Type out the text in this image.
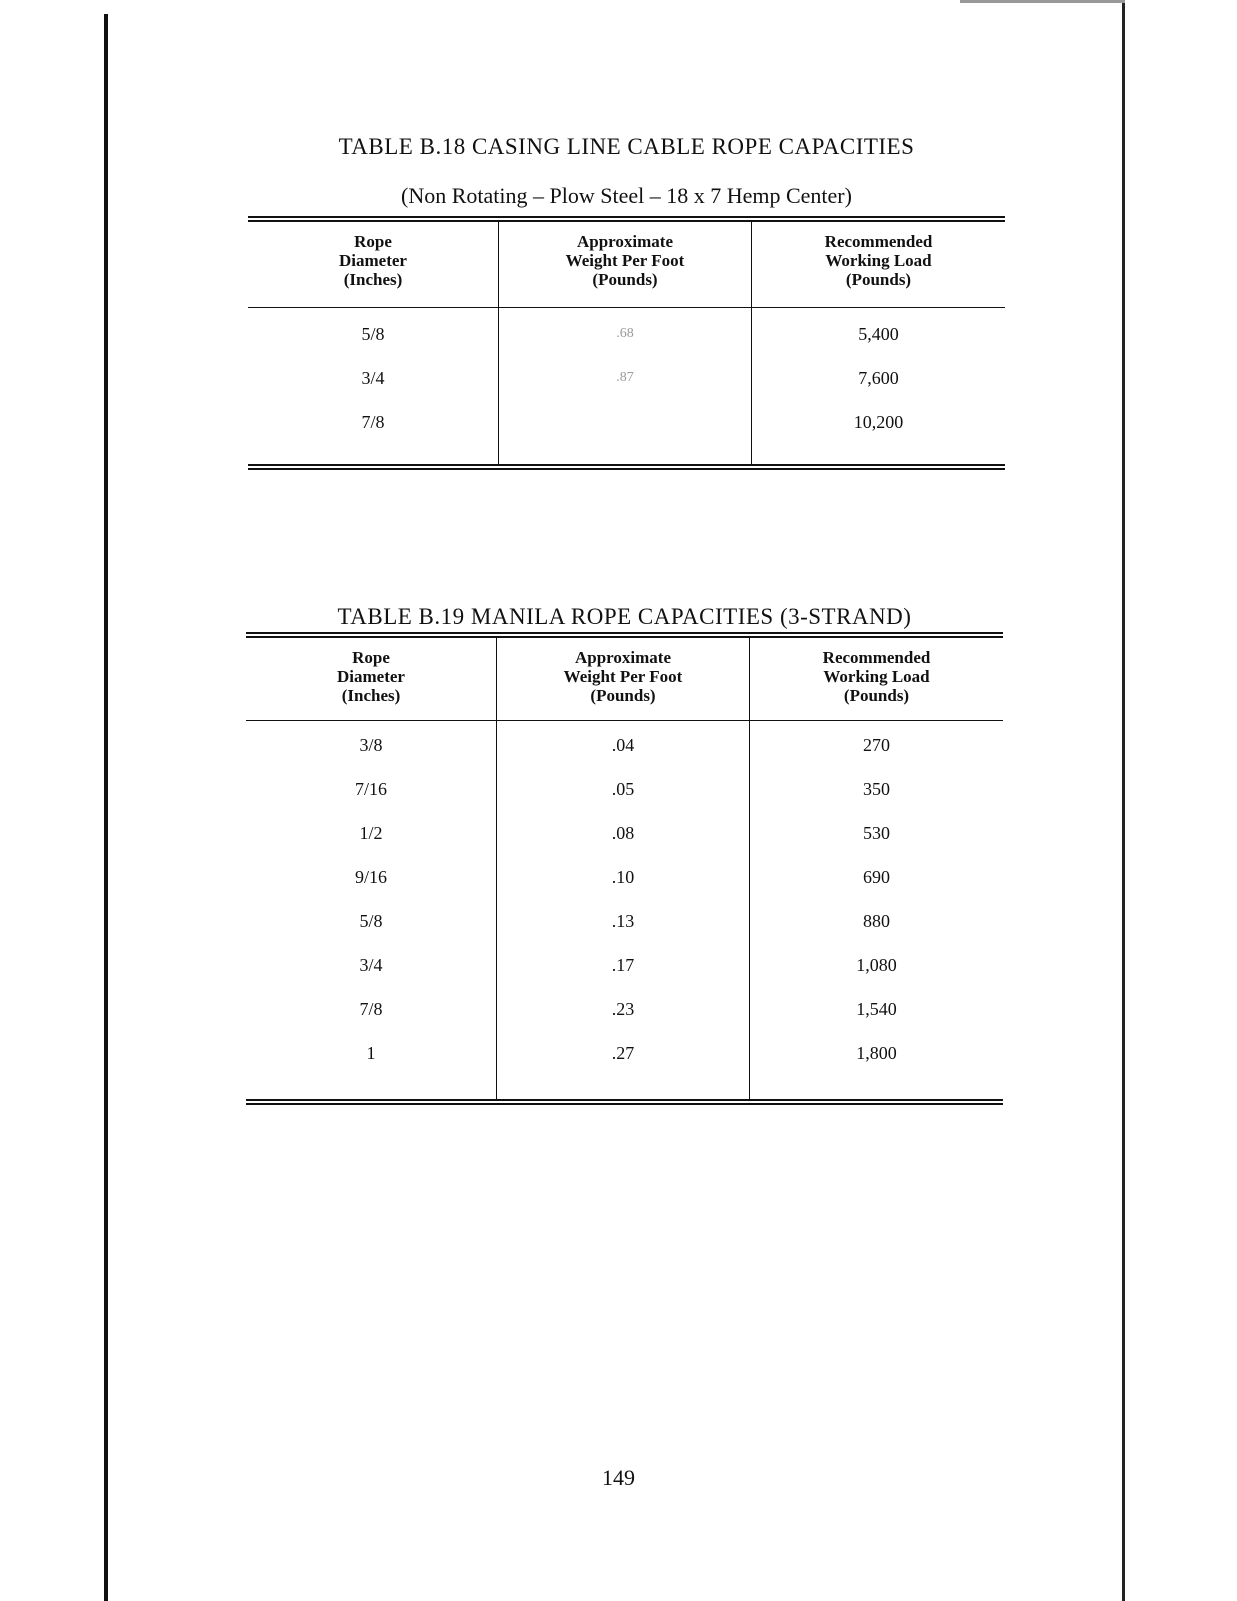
TABLE B.18 CASING LINE CABLE ROPE CAPACITIES

(Non Rotating – Plow Steel – 18 x 7 Hemp Center)

Rope
Diameter
(Inches)
5/8
3/4
7/8
Approximate
Weight Per Foot
(Pounds)
.68
.87
Recommended
Working Load
(Pounds)
5,400
7,600
10,200

TABLE B.19 MANILA ROPE CAPACITIES (3-STRAND)

Rope
Diameter
(Inches)
3/8
7/16
1/2
9/16
5/8
3/4
7/8
1
Approximate
Weight Per Foot
(Pounds)
.04
.05
.08
.10
.13
.17
.23
.27
Recommended
Working Load
(Pounds)
270
350
530
690
880
1,080
1,540
1,800
149
